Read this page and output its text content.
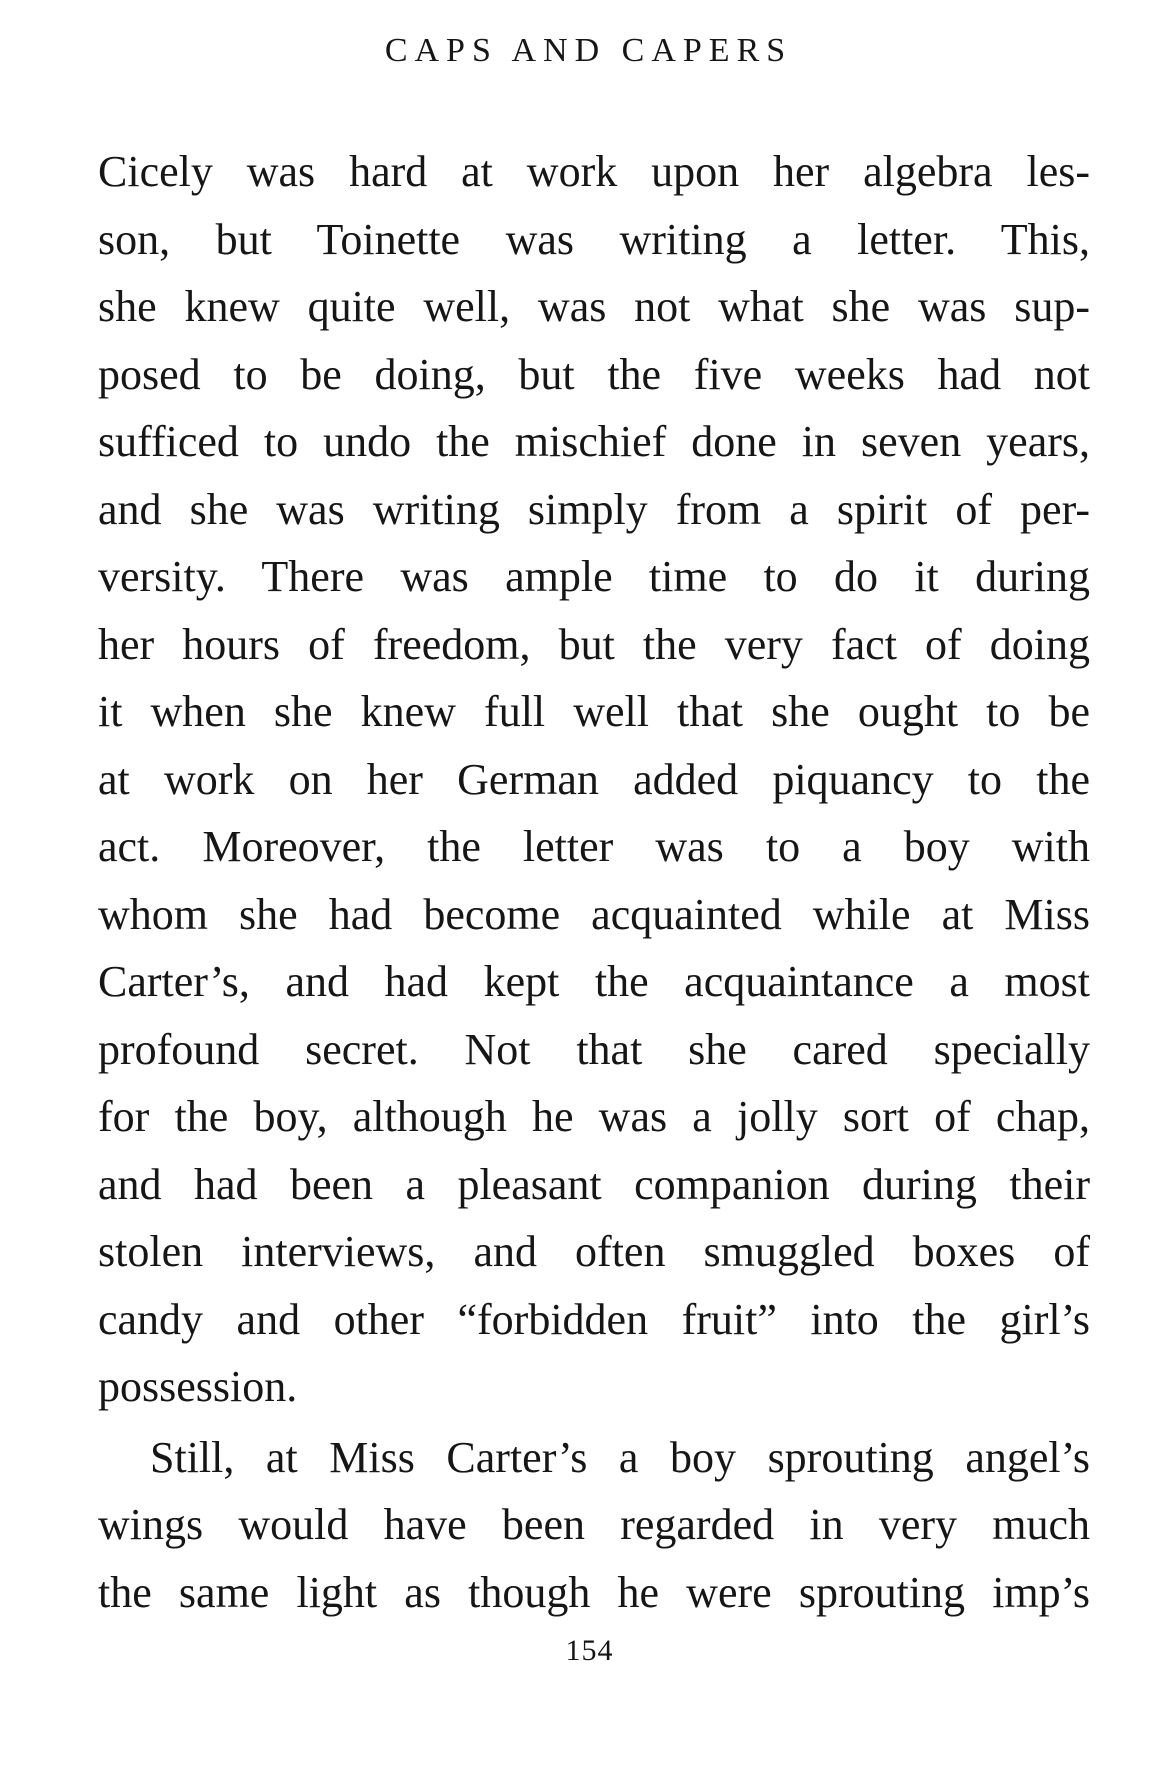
CAPS AND CAPERS
Cicely was hard at work upon her algebra les-
son, but Toinette was writing a letter. This,
she knew quite well, was not what she was sup-
posed to be doing, but the five weeks had not
sufficed to undo the mischief done in seven years,
and she was writing simply from a spirit of per-
versity. There was ample time to do it during
her hours of freedom, but the very fact of doing
it when she knew full well that she ought to be
at work on her German added piquancy to the
act. Moreover, the letter was to a boy with
whom she had become acquainted while at Miss
Carter’s, and had kept the acquaintance a most
profound secret. Not that she cared specially
for the boy, although he was a jolly sort of chap,
and had been a pleasant companion during their
stolen interviews, and often smuggled boxes of
candy and other “forbidden fruit” into the girl’s
possession.
Still, at Miss Carter’s a boy sprouting angel’s
wings would have been regarded in very much
the same light as though he were sprouting imp’s
154
